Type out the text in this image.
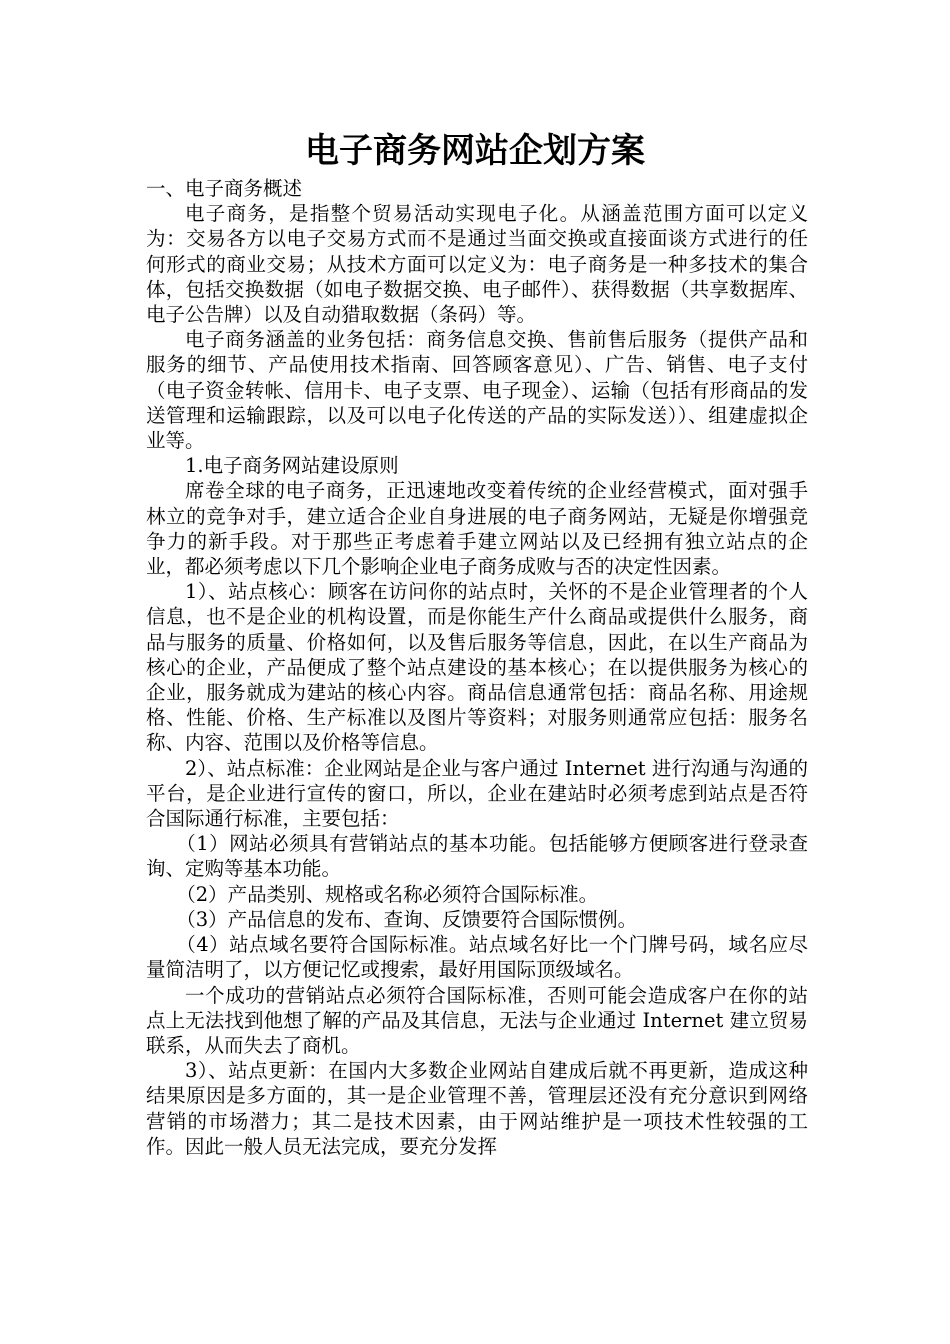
电子商务网站企划方案

一、电子商务概述

电子商务，是指整个贸易活动实现电子化。从涵盖范围方面可以定义为：交易各方以电子交易方式而不是通过当面交换或直接面谈方式进行的任何形式的商业交易；从技术方面可以定义为：电子商务是一种多技术的集合体，包括交换数据（如电子数据交换、电子邮件）、获得数据（共享数据库、电子公告牌）以及自动猎取数据（条码）等。

电子商务涵盖的业务包括：商务信息交换、售前售后服务（提供产品和服务的细节、产品使用技术指南、回答顾客意见）、广告、销售、电子支付（电子资金转帐、信用卡、电子支票、电子现金）、运输（包括有形商品的发送管理和运输跟踪，以及可以电子化传送的产品的实际发送））、组建虚拟企业等。

1.电子商务网站建设原则

席卷全球的电子商务，正迅速地改变着传统的企业经营模式，面对强手林立的竞争对手，建立适合企业自身进展的电子商务网站，无疑是你增强竞争力的新手段。对于那些正考虑着手建立网站以及已经拥有独立站点的企业，都必须考虑以下几个影响企业电子商务成败与否的决定性因素。

1）、站点核心：顾客在访问你的站点时，关怀的不是企业管理者的个人信息，也不是企业的机构设置，而是你能生产什么商品或提供什么服务，商品与服务的质量、价格如何，以及售后服务等信息，因此，在以生产商品为核心的企业，产品便成了整个站点建设的基本核心；在以提供服务为核心的企业，服务就成为建站的核心内容。商品信息通常包括：商品名称、用途规格、性能、价格、生产标准以及图片等资料；对服务则通常应包括：服务名称、内容、范围以及价格等信息。

2）、站点标准：企业网站是企业与客户通过 Internet 进行沟通与沟通的平台，是企业进行宣传的窗口，所以，企业在建站时必须考虑到站点是否符合国际通行标准，主要包括：

（1）网站必须具有营销站点的基本功能。包括能够方便顾客进行登录查询、定购等基本功能。

（2）产品类别、规格或名称必须符合国际标准。

（3）产品信息的发布、查询、反馈要符合国际惯例。

（4）站点域名要符合国际标准。站点域名好比一个门牌号码，域名应尽量简洁明了，以方便记忆或搜索，最好用国际顶级域名。

一个成功的营销站点必须符合国际标准，否则可能会造成客户在你的站点上无法找到他想了解的产品及其信息，无法与企业通过 Internet 建立贸易联系，从而失去了商机。

3）、站点更新：在国内大多数企业网站自建成后就不再更新，造成这种结果原因是多方面的，其一是企业管理不善，管理层还没有充分意识到网络营销的市场潜力；其二是技术因素，由于网站维护是一项技术性较强的工作。因此一般人员无法完成，要充分发挥
